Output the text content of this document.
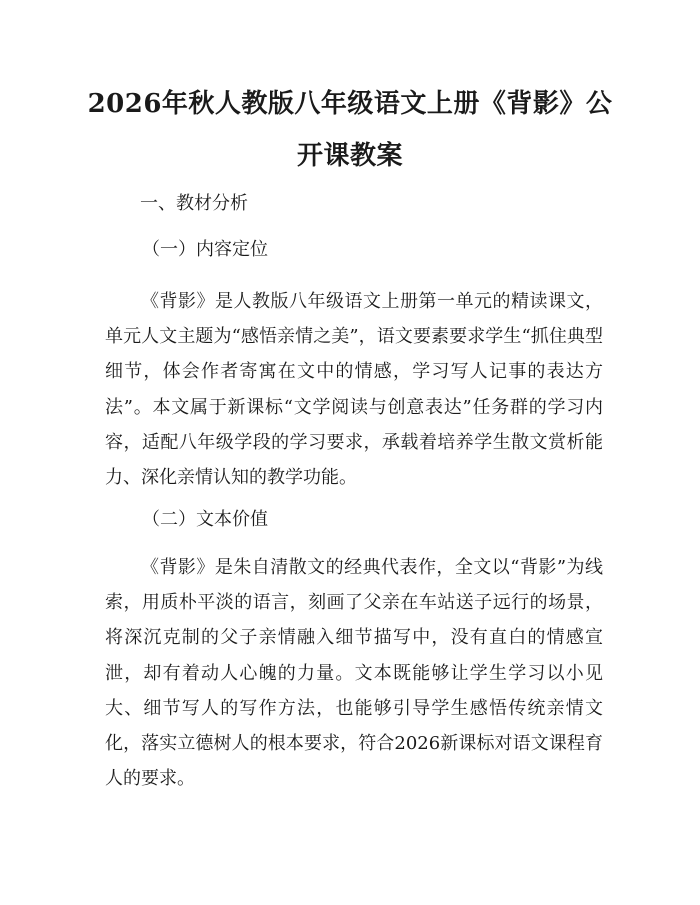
2026年秋人教版八年级语文上册《背影》公开课教案
一、教材分析
（一）内容定位

《背影》是人教版八年级语文上册第一单元的精读课文，单元人文主题为“感悟亲情之美”，语文要素要求学生“抓住典型细节，体会作者寄寓在文中的情感，学习写人记事的表达方法”。本文属于新课标“文学阅读与创意表达”任务群的学习内容，适配八年级学段的学习要求，承载着培养学生散文赏析能力、深化亲情认知的教学功能。

（二）文本价值

《背影》是朱自清散文的经典代表作，全文以“背影”为线索，用质朴平淡的语言，刻画了父亲在车站送子远行的场景，将深沉克制的父子亲情融入细节描写中，没有直白的情感宣泄，却有着动人心魄的力量。文本既能够让学生学习以小见大、细节写人的写作方法，也能够引导学生感悟传统亲情文化，落实立德树人的根本要求，符合2026新课标对语文课程育人的要求。
